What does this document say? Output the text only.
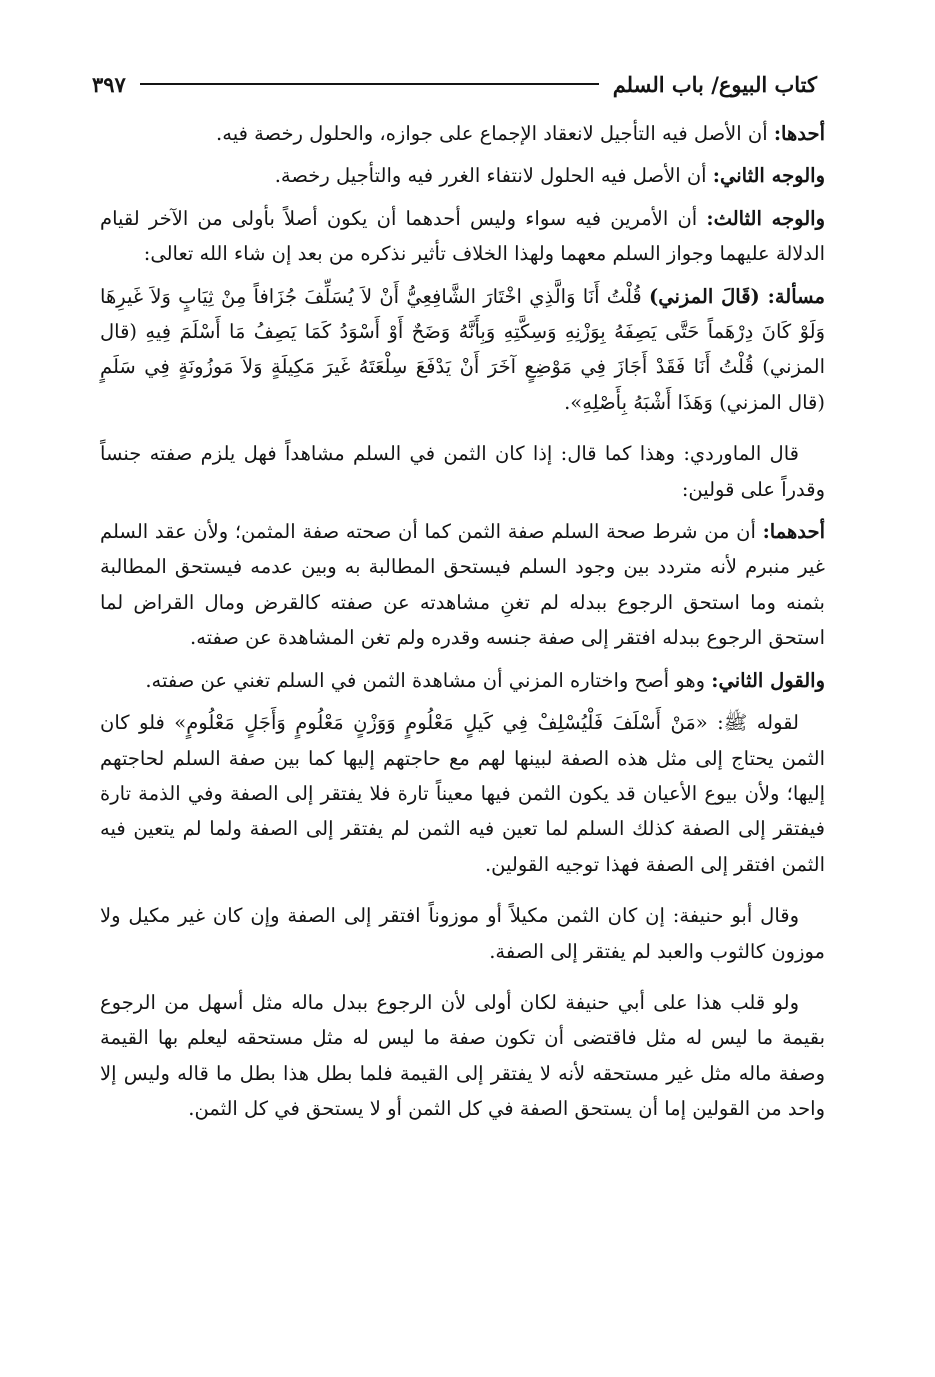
كتاب البيوع/ باب السلم
٣٩٧

أحدها: أن الأصل فيه التأجيل لانعقاد الإجماع على جوازه، والحلول رخصة فيه.

والوجه الثاني: أن الأصل فيه الحلول لانتفاء الغرر فيه والتأجيل رخصة.

والوجه الثالث: أن الأمرين فيه سواء وليس أحدهما أن يكون أصلاً بأولى من الآخر لقيام الدلالة عليهما وجواز السلم معهما ولهذا الخلاف تأثير نذكره من بعد إن شاء الله تعالى:

مسألة: (قَالَ المزني) قُلْتُ أَنَا وَالَّذِي اخْتَارَ الشَّافِعِيُّ أَنْ لاَ يُسَلِّفَ جُزَافاً مِنْ ثِيَابٍ وَلاَ غَيرِهَا وَلَوْ كَانَ دِرْهَماً حَتَّى يَصِفَهُ بِوَزْنِهِ وَسِكَّتِهِ وَبِأَنَّهُ وَضَحٌ أَوْ أَسْوَدُ كَمَا يَصِفُ مَا أَسْلَمَ فِيهِ (قال المزني) قُلْتُ أَنَا فَقَدْ أَجَازَ فِي مَوْضِعٍ آخَرَ أَنْ يَدْفَعَ سِلْعَتَهُ غَيرَ مَكِيلَةٍ وَلاَ مَوزُونَةٍ فِي سَلَمٍ (قال المزني) وَهَذَا أَشْبَهُ بِأَصْلِهِ».

قال الماوردي: وهذا كما قال: إذا كان الثمن في السلم مشاهداً فهل يلزم صفته جنساً وقدراً على قولين:

أحدهما: أن من شرط صحة السلم صفة الثمن كما أن صحته صفة المثمن؛ ولأن عقد السلم غير منبرم لأنه متردد بين وجود السلم فيستحق المطالبة به وبين عدمه فيستحق المطالبة بثمنه وما استحق الرجوع ببدله لم تغنِ مشاهدته عن صفته كالقرض ومال القراض لما استحق الرجوع ببدله افتقر إلى صفة جنسه وقدره ولم تغن المشاهدة عن صفته.

والقول الثاني: وهو أصح واختاره المزني أن مشاهدة الثمن في السلم تغني عن صفته.

لقوله ﷺ: «مَنْ أَسْلَفَ فَلْيُسْلِفْ فِي كَيلٍ مَعْلُومٍ وَوَزْنٍ مَعْلُومٍ وَأَجَلٍ مَعْلُومٍ» فلو كان الثمن يحتاج إلى مثل هذه الصفة لبينها لهم مع حاجتهم إليها كما بين صفة السلم لحاجتهم إليها؛ ولأن بيوع الأعيان قد يكون الثمن فيها معيناً تارة فلا يفتقر إلى الصفة وفي الذمة تارة فيفتقر إلى الصفة كذلك السلم لما تعين فيه الثمن لم يفتقر إلى الصفة ولما لم يتعين فيه الثمن افتقر إلى الصفة فهذا توجيه القولين.

وقال أبو حنيفة: إن كان الثمن مكيلاً أو موزوناً افتقر إلى الصفة وإن كان غير مكيل ولا موزون كالثوب والعبد لم يفتقر إلى الصفة.

ولو قلب هذا على أبي حنيفة لكان أولى لأن الرجوع ببدل ماله مثل أسهل من الرجوع بقيمة ما ليس له مثل فاقتضى أن تكون صفة ما ليس له مثل مستحقه ليعلم بها القيمة وصفة ماله مثل غير مستحقه لأنه لا يفتقر إلى القيمة فلما بطل هذا بطل ما قاله وليس إلا واحد من القولين إما أن يستحق الصفة في كل الثمن أو لا يستحق في كل الثمن.
